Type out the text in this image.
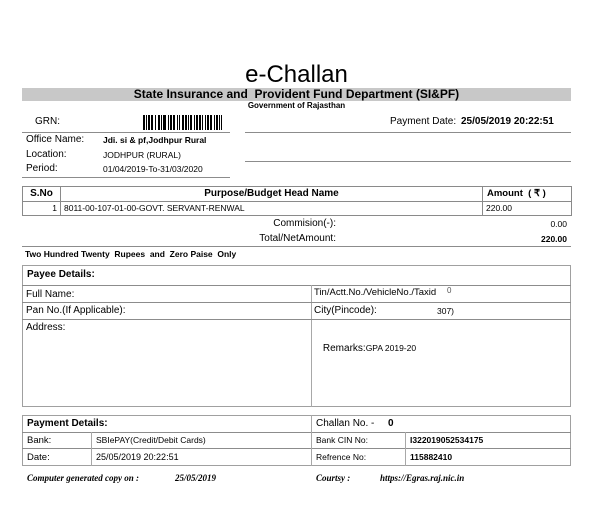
e-Challan
State Insurance and  Provident Fund Department (SI&PF)
Government of Rajasthan
GRN:	Payment Date: 25/05/2019 20:22:51
Office Name: Jdi. si & pf,Jodhpur Rural
Location:	JODHPUR (RURAL)
Period:	01/04/2019-To-31/03/2020
S.No	Purpose/Budget Head Name	Amount  ( ₹ )
1	8011-00-107-01-00-GOVT. SERVANT-RENWAL	220.00
Commision(-):	0.00
Total/NetAmount:	220.00
Two Hundred Twenty  Rupees  and  Zero Paise  Only
Payee Details:
Full Name:	Tin/Actt.No./VehicleNo./Taxid 0
Pan No.(If Applicable):	City(Pincode):	307)
Address:

Remarks:GPA 2019-20

Payment Details:	Challan No. - 0
Bank:	SBIePAY(Credit/Debit Cards)	Bank CIN No:	I322019052534175
Date:	25/05/2019 20:22:51	Refrence No:	115882410
Computer generated copy on :	25/05/2019	Courtsy :	https://Egras.raj.nic.in
